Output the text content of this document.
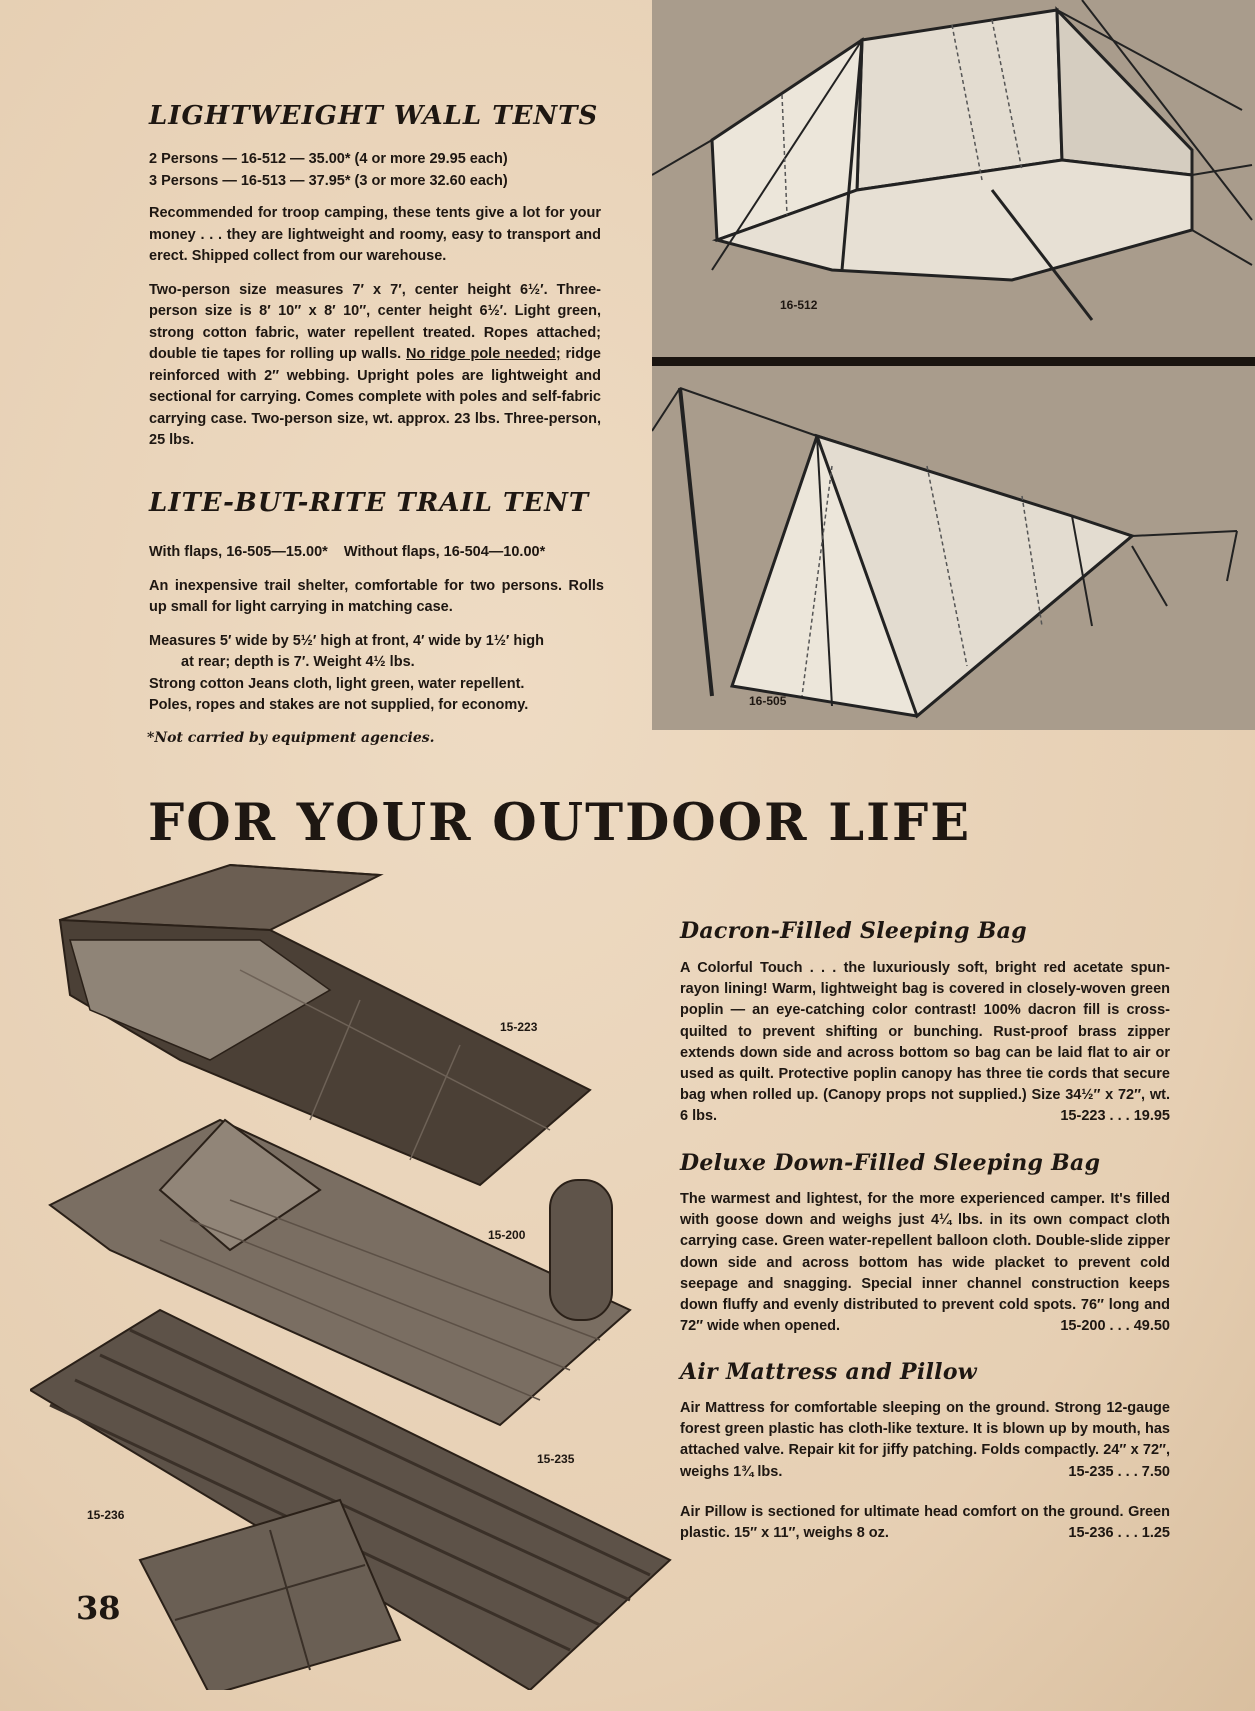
16-512
16-505
LIGHTWEIGHT WALL TENTS
2 Persons — 16-512 — 35.00* (4 or more 29.95 each)
3 Persons — 16-513 — 37.95* (3 or more 32.60 each)

Recommended for troop camping, these tents give a lot for your money . . . they are lightweight and roomy, easy to transport and erect. Shipped collect from our warehouse.

Two-person size measures 7′ x 7′, center height 6½′. Three-person size is 8′ 10″ x 8′ 10″, center height 6½′. Light green, strong cotton fabric, water repellent treated. Ropes attached; double tie tapes for rolling up walls. No ridge pole needed; ridge reinforced with 2″ webbing. Upright poles are lightweight and sectional for carrying. Comes complete with poles and self-fabric carrying case. Two-person size, wt. approx. 23 lbs. Three-person, 25 lbs.

LITE-BUT-RITE TRAIL TENT

With flaps, 16-505—15.00*    Without flaps, 16-504—10.00*

An inexpensive trail shelter, comfortable for two persons. Rolls up small for light carrying in matching case.

Measures 5′ wide by 5½′ high at front, 4′ wide by 1½′ high
at rear; depth is 7′. Weight 4½ lbs.
Strong cotton Jeans cloth, light green, water repellent.
Poles, ropes and stakes are not supplied, for economy.
*Not carried by equipment agencies.
FOR YOUR OUTDOOR LIFE
15-223
15-200
15-235
15-236
Dacron-Filled Sleeping Bag
A Colorful Touch . . . the luxuriously soft, bright red acetate spun-rayon lining! Warm, lightweight bag is covered in closely-woven green poplin — an eye-catching color contrast! 100% dacron fill is cross-quilted to prevent shifting or bunching. Rust-proof brass zipper extends down side and across bottom so bag can be laid flat to air or used as quilt. Protective poplin canopy has three tie cords that secure bag when rolled up. (Canopy props not supplied.) Size 34½″ x 72″, wt. 6 lbs.	15-223 . . . 19.95
Deluxe Down-Filled Sleeping Bag
The warmest and lightest, for the more experienced camper. It's filled with goose down and weighs just 4¼ lbs. in its own compact cloth carrying case. Green water-repellent balloon cloth. Double-slide zipper down side and across bottom has wide placket to prevent cold seepage and snagging. Special inner channel construction keeps down fluffy and evenly distributed to prevent cold spots. 76″ long and 72″ wide when opened.	15-200 . . . 49.50
Air Mattress and Pillow
Air Mattress for comfortable sleeping on the ground. Strong 12-gauge forest green plastic has cloth-like texture. It is blown up by mouth, has attached valve. Repair kit for jiffy patching. Folds compactly. 24″ x 72″, weighs 1¾ lbs.	15-235 . . . 7.50
Air Pillow is sectioned for ultimate head comfort on the ground. Green plastic. 15″ x 11″, weighs 8 oz.	15-236 . . . 1.25
38
